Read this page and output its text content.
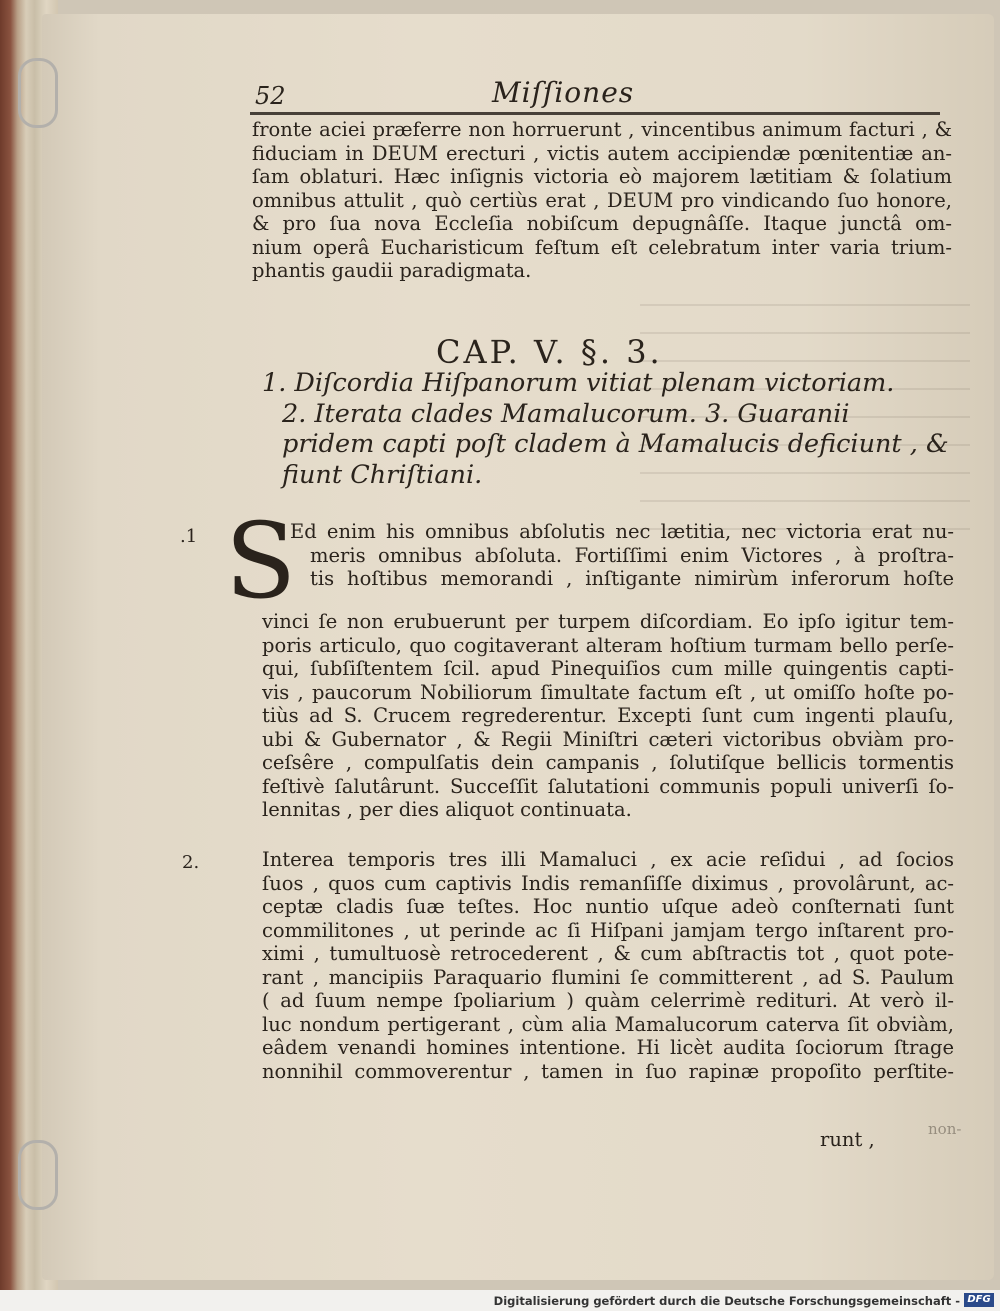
52	Miſſiones
fronte aciei præferre non horruerunt , vincentibus animum facturi , &
fiduciam in DEUM erecturi , victis autem accipiendæ pœnitentiæ an-
ſam oblaturi. Hæc inſignis victoria eò majorem lætitiam & ſolatium
omnibus attulit , quò certiùs erat , DEUM pro vindicando ſuo honore,
& pro ſua nova Eccleſia nobiſcum depugnâſſe. Itaque junctâ om-
nium operâ Eucharisticum feſtum eſt celebratum inter varia trium-
phantis gaudii paradigmata.
CAP. V. §. 3.
1. Diſcordia Hiſpanorum vitiat plenam victoriam.
2. Iterata clades Mamalucorum. 3. Guaranii
pridem capti poſt cladem à Mamalucis deficiunt , &
fiunt Chriſtiani.
.1 S
Ed enim his omnibus abſolutis nec lætitia, nec victoria erat nu-
meris omnibus abſoluta. Fortiſſimi enim Victores , à proſtra-
tis hoſtibus memorandi , inſtigante nimirùm inferorum hoſte
vinci ſe non erubuerunt per turpem diſcordiam. Eo ipſo igitur tem-
poris articulo, quo cogitaverant alteram hoſtium turmam bello perſe-
qui, ſubſiſtentem ſcil. apud Pinequiſios cum mille quingentis capti-
vis , paucorum Nobiliorum ſimultate factum eſt , ut omiſſo hoſte po-
tiùs ad S. Crucem regrederentur. Excepti ſunt cum ingenti plauſu,
ubi & Gubernator , & Regii Miniſtri cæteri victoribus obviàm pro-
ceſsêre , compulſatis dein campanis , ſolutiſque bellicis tormentis
feſtivè ſalutârunt. Succeſſit ſalutationi communis populi univerſi ſo-
lennitas , per dies aliquot continuata.
2.	Interea temporis tres illi Mamaluci , ex acie reſidui , ad ſocios
ſuos , quos cum captivis Indis remanſiſſe diximus , provolârunt, ac-
ceptæ cladis ſuæ teſtes. Hoc nuntio uſque adeò conſternati ſunt
commilitones , ut perinde ac ſi Hiſpani jamjam tergo inſtarent pro-
ximi , tumultuosè retrocederent , & cum abſtractis tot , quot pote-
rant , mancipiis Paraquario flumini ſe committerent , ad S. Paulum
( ad ſuum nempe ſpoliarium ) quàm celerrimè redituri. At verò il-
luc nondum pertigerant , cùm alia Mamalucorum caterva ſit obviàm,
eâdem venandi homines intentione. Hi licèt audita ſociorum ſtrage
nonnihil commoverentur , tamen in ſuo rapinæ propoſito perſtite-
runt ,	non-
Digitalisierung gefördert durch die Deutsche Forschungsgemeinschaft - DFG
